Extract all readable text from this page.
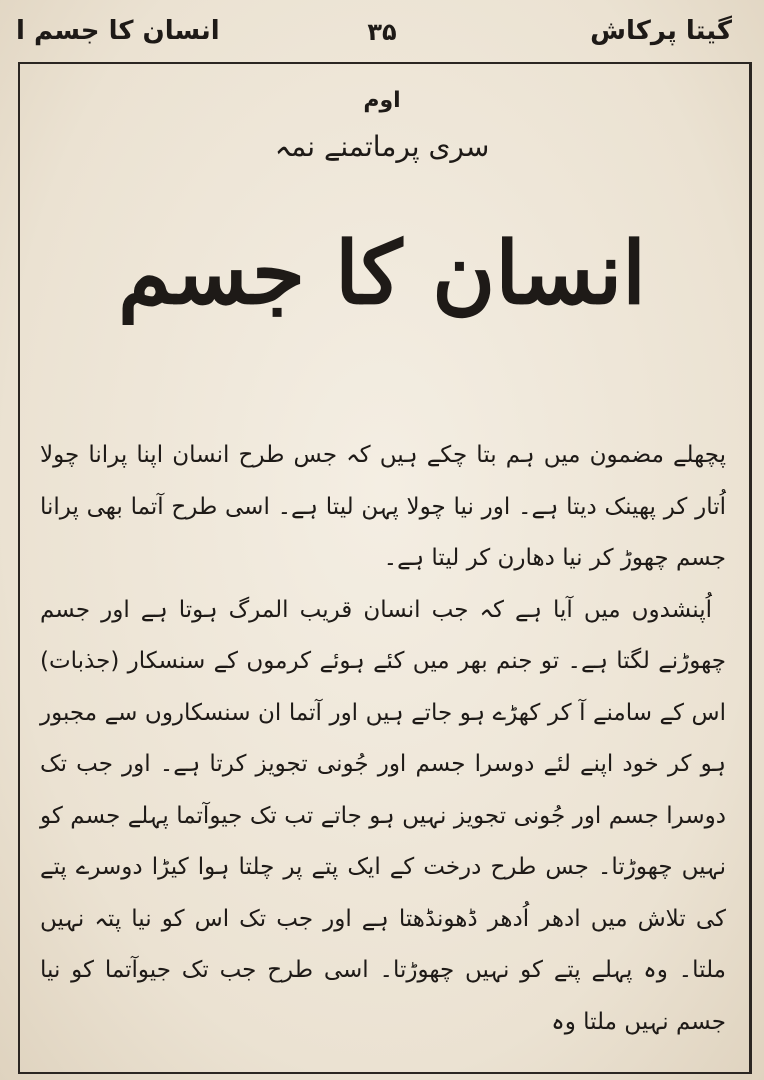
گیتا پرکاش
۳۵
انسان کا جسم ا
اوم
سری پرماتمنے نمہ
انسان کا جسم

پچھلے مضمون میں ہم بتا چکے ہیں کہ جس طرح انسان اپنا پرانا چولا اُتار کر پھینک دیتا ہے۔ اور نیا چولا پہن لیتا ہے۔ اسی طرح آتما بھی پرانا جسم چھوڑ کر نیا دھارن کر لیتا ہے۔

اُپنشدوں میں آیا ہے کہ جب انسان قریب المرگ ہوتا ہے اور جسم چھوڑنے لگتا ہے۔ تو جنم بھر میں کئے ہوئے کرموں کے سنسکار (جذبات) اس کے سامنے آ کر کھڑے ہو جاتے ہیں اور آتما ان سنسکاروں سے مجبور ہو کر خود اپنے لئے دوسرا جسم اور جُونی تجویز کرتا ہے۔ اور جب تک دوسرا جسم اور جُونی تجویز نہیں ہو جاتے تب تک جیوآتما پہلے جسم کو نہیں چھوڑتا۔ جس طرح درخت کے ایک پتے پر چلتا ہوا کیڑا دوسرے پتے کی تلاش میں ادھر اُدھر ڈھونڈھتا ہے اور جب تک اس کو نیا پتہ نہیں ملتا۔ وہ پہلے پتے کو نہیں چھوڑتا۔ اسی طرح جب تک جیوآتما کو نیا جسم نہیں ملتا وہ
